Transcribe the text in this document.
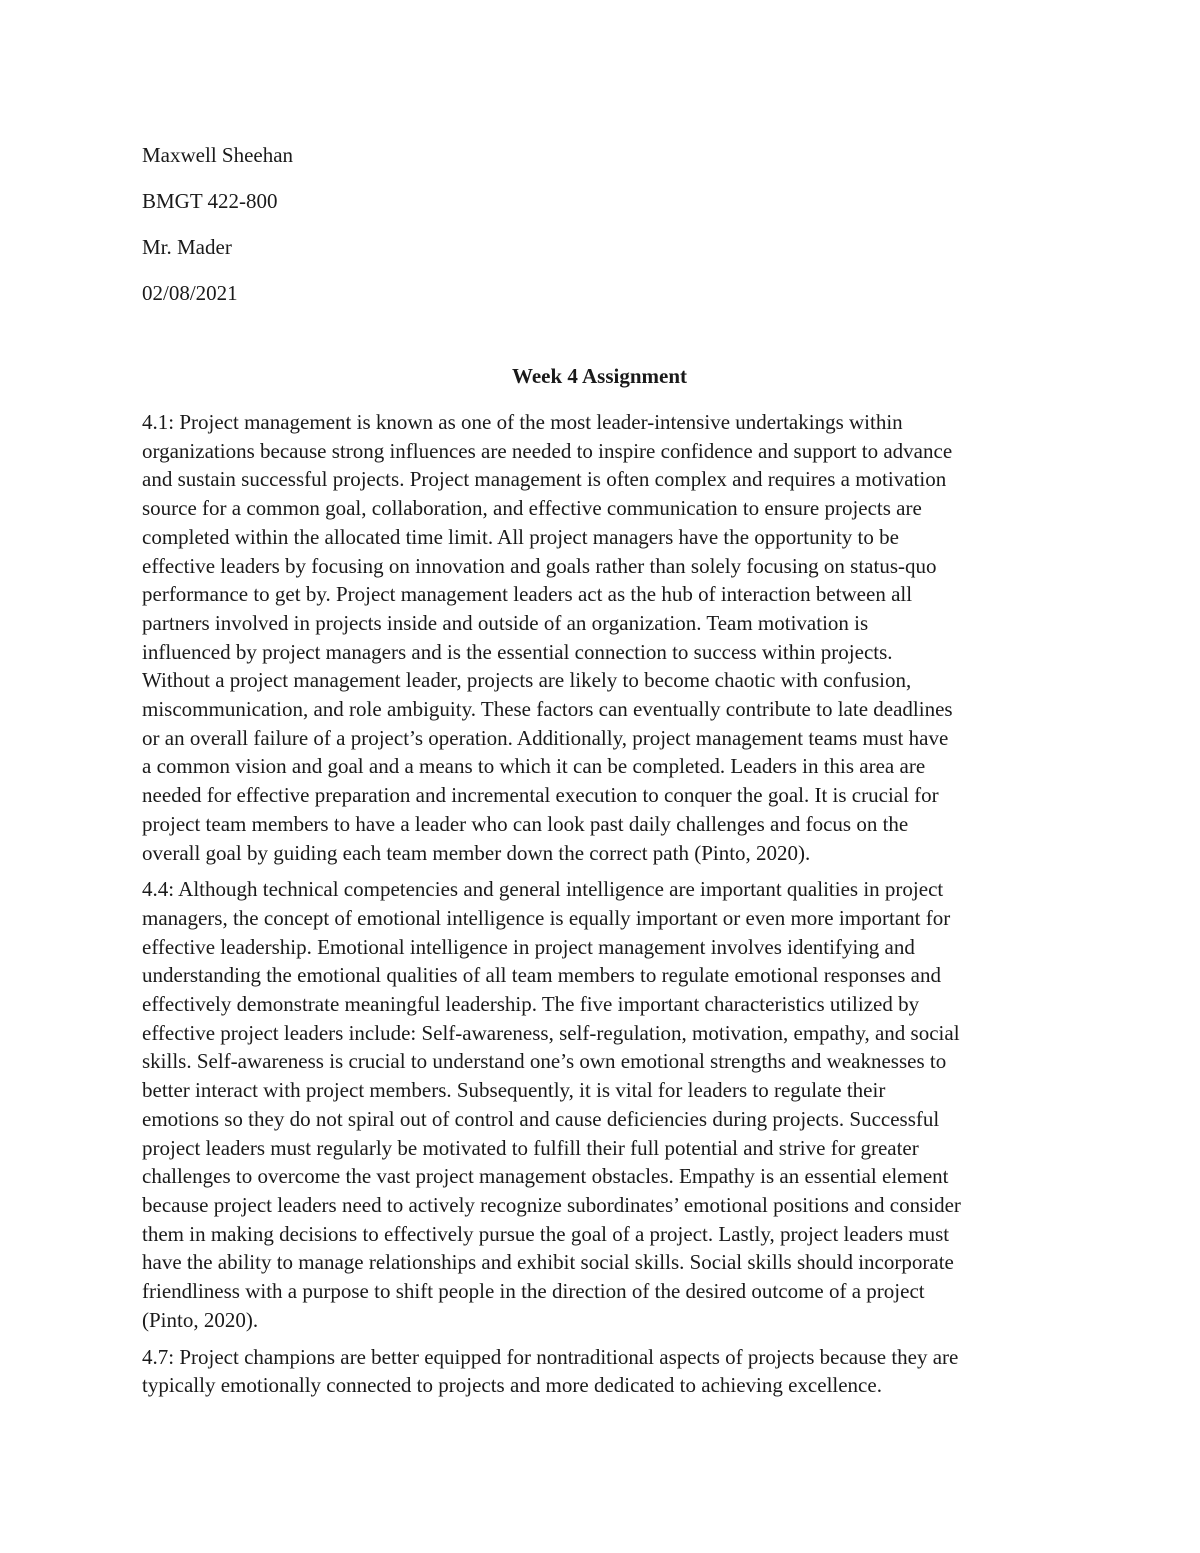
Maxwell Sheehan
BMGT 422-800
Mr. Mader
02/08/2021
Week 4 Assignment
4.1: Project management is known as one of the most leader-intensive undertakings within
organizations because strong influences are needed to inspire confidence and support to advance
and sustain successful projects. Project management is often complex and requires a motivation
source for a common goal, collaboration, and effective communication to ensure projects are
completed within the allocated time limit. All project managers have the opportunity to be
effective leaders by focusing on innovation and goals rather than solely focusing on status-quo
performance to get by. Project management leaders act as the hub of interaction between all
partners involved in projects inside and outside of an organization. Team motivation is
influenced by project managers and is the essential connection to success within projects.
Without a project management leader, projects are likely to become chaotic with confusion,
miscommunication, and role ambiguity. These factors can eventually contribute to late deadlines
or an overall failure of a project’s operation. Additionally, project management teams must have
a common vision and goal and a means to which it can be completed. Leaders in this area are
needed for effective preparation and incremental execution to conquer the goal. It is crucial for
project team members to have a leader who can look past daily challenges and focus on the
overall goal by guiding each team member down the correct path (Pinto, 2020).
4.4: Although technical competencies and general intelligence are important qualities in project
managers, the concept of emotional intelligence is equally important or even more important for
effective leadership. Emotional intelligence in project management involves identifying and
understanding the emotional qualities of all team members to regulate emotional responses and
effectively demonstrate meaningful leadership. The five important characteristics utilized by
effective project leaders include: Self-awareness, self-regulation, motivation, empathy, and social
skills. Self-awareness is crucial to understand one’s own emotional strengths and weaknesses to
better interact with project members. Subsequently, it is vital for leaders to regulate their
emotions so they do not spiral out of control and cause deficiencies during projects. Successful
project leaders must regularly be motivated to fulfill their full potential and strive for greater
challenges to overcome the vast project management obstacles. Empathy is an essential element
because project leaders need to actively recognize subordinates’ emotional positions and consider
them in making decisions to effectively pursue the goal of a project. Lastly, project leaders must
have the ability to manage relationships and exhibit social skills. Social skills should incorporate
friendliness with a purpose to shift people in the direction of the desired outcome of a project
(Pinto, 2020).
4.7: Project champions are better equipped for nontraditional aspects of projects because they are
typically emotionally connected to projects and more dedicated to achieving excellence.
